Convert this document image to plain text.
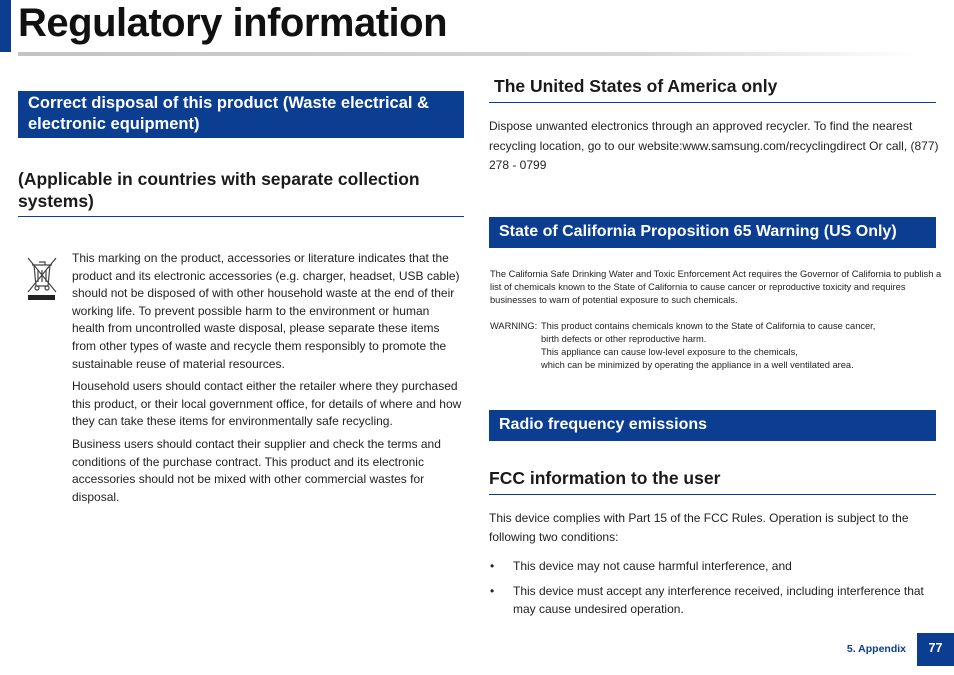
Regulatory information
Correct disposal of this product (Waste electrical & electronic equipment)
(Applicable in countries with separate collection systems)

This marking on the product, accessories or literature indicates that the product and its electronic accessories (e.g. charger, headset, USB cable) should not be disposed of with other household waste at the end of their working life. To prevent possible harm to the environment or human health from uncontrolled waste disposal, please separate these items from other types of waste and recycle them responsibly to promote the sustainable reuse of material resources.

Household users should contact either the retailer where they purchased this product, or their local government office, for details of where and how they can take these items for environmentally safe recycling.

Business users should contact their supplier and check the terms and conditions of the purchase contract. This product and its electronic accessories should not be mixed with other commercial wastes for disposal.

The United States of America only
Dispose unwanted electronics through an approved recycler. To find the nearest recycling location, go to our website:www.samsung.com/recyclingdirect Or call, (877) 278 - 0799
State of California Proposition 65 Warning (US Only)
The California Safe Drinking Water and Toxic Enforcement Act requires the Governor of California to publish a list of chemicals known to the State of California to cause cancer or reproductive toxicity and requires businesses to warn of potential exposure to such chemicals.
WARNING: This product contains chemicals known to the State of California to cause cancer,
birth defects or other reproductive harm.
This appliance can cause low-level exposure to the chemicals,
which can be minimized by operating the appliance in a well ventilated area.
Radio frequency emissions
FCC information to the user
This device complies with Part 15 of the FCC Rules. Operation is subject to the following two conditions:
•	This device may not cause harmful interference, and
•	This device must accept any interference received, including interference that may cause undesired operation.
5. Appendix	77
